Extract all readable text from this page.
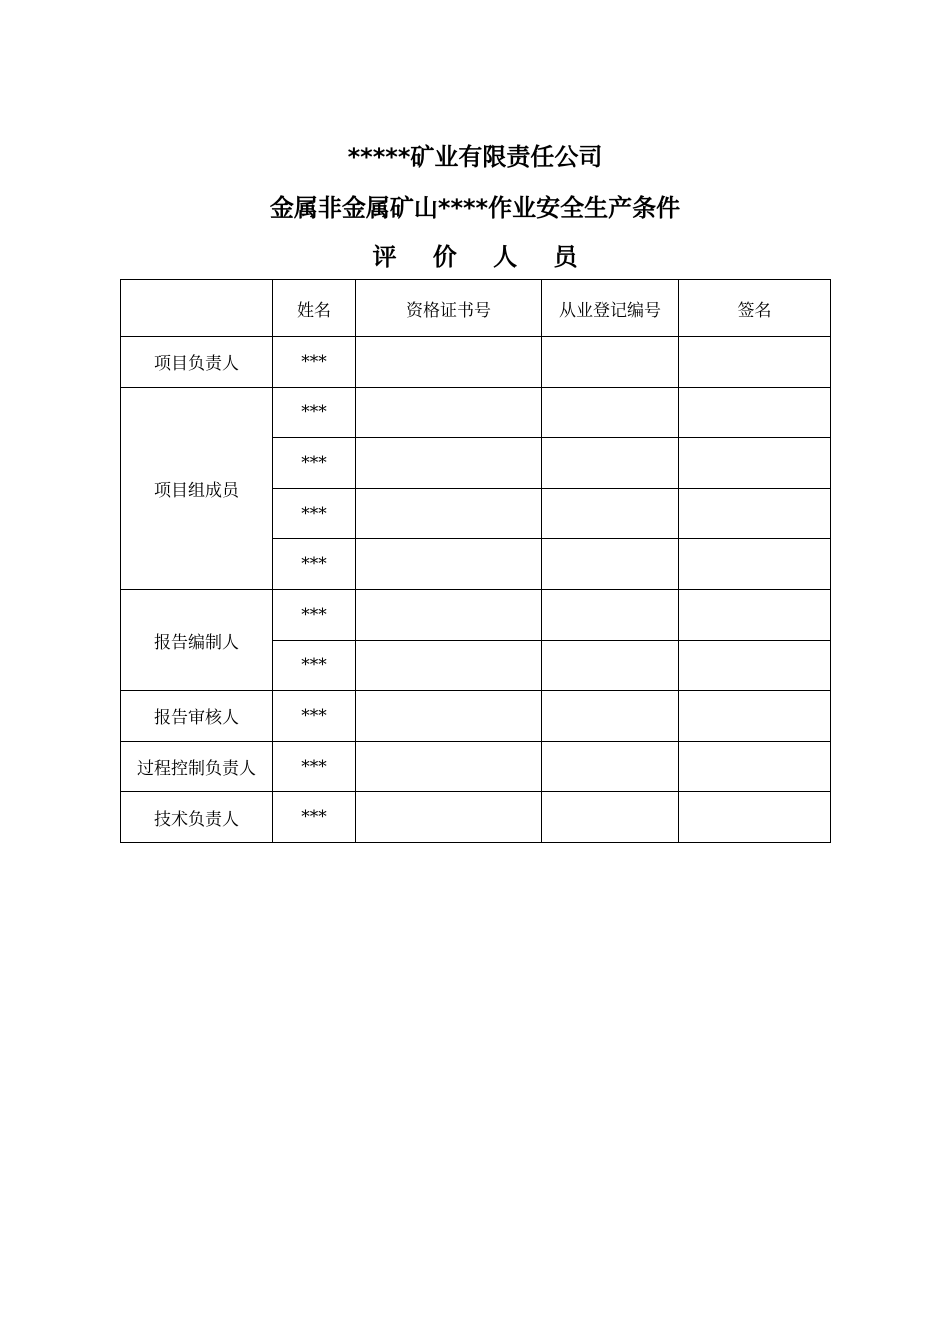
*****矿业有限责任公司
金属非金属矿山****作业安全生产条件
评 价 人 员
	姓名	资格证书号	从业登记编号	签名
项目负责人	***			
项目组成员	***			
	***			
	***			
	***			
报告编制人	***			
	***			
报告审核人	***			
过程控制负责人	***			
技术负责人	***			
